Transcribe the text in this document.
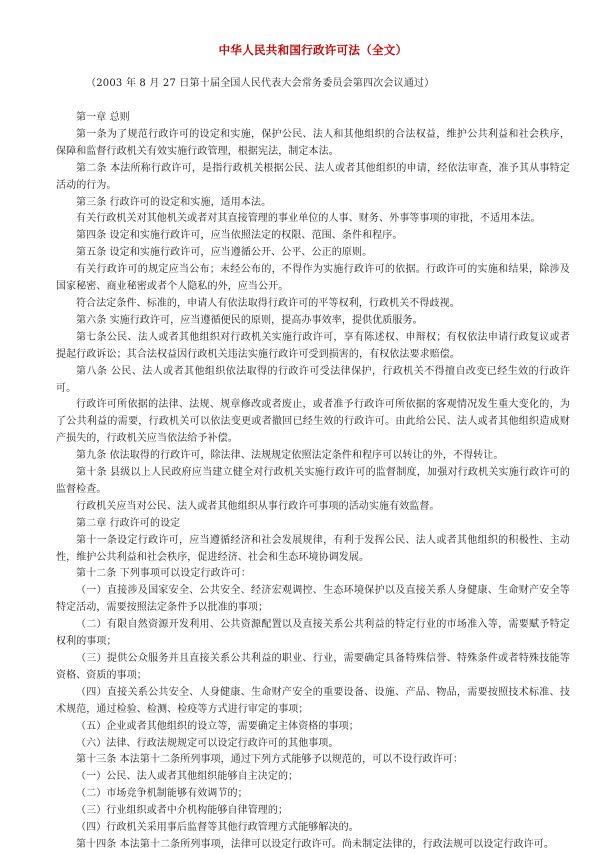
中华人民共和国行政许可法（全文）
（2003 年 8 月 27 日第十届全国人民代表大会常务委员会第四次会议通过）

第一章 总则

第一条为了规范行政许可的设定和实施，保护公民、法人和其他组织的合法权益，维护公共利益和社会秩序，保障和监督行政机关有效实施行政管理，根据宪法，制定本法。

第二条 本法所称行政许可，是指行政机关根据公民、法人或者其他组织的申请，经依法审查，准予其从事特定活动的行为。

第三条 行政许可的设定和实施，适用本法。

有关行政机关对其他机关或者对其直接管理的事业单位的人事、财务、外事等事项的审批，不适用本法。

第四条 设定和实施行政许可，应当依照法定的权限、范围、条件和程序。

第五条 设定和实施行政许可，应当遵循公开、公平、公正的原则。

有关行政许可的规定应当公布；未经公布的，不得作为实施行政许可的依据。行政许可的实施和结果，除涉及国家秘密、商业秘密或者个人隐私的外，应当公开。

符合法定条件、标准的，申请人有依法取得行政许可的平等权利，行政机关不得歧视。

第六条 实施行政许可，应当遵循便民的原则，提高办事效率，提供优质服务。

第七条公民、法人或者其他组织对行政机关实施行政许可，享有陈述权、申辩权；有权依法申请行政复议或者提起行政诉讼；其合法权益因行政机关违法实施行政许可受到损害的，有权依法要求赔偿。

第八条 公民、法人或者其他组织依法取得的行政许可受法律保护，行政机关不得擅自改变已经生效的行政许可。

行政许可所依据的法律、法规、规章修改或者废止，或者准予行政许可所依据的客观情况发生重大变化的，为了公共利益的需要，行政机关可以依法变更或者撤回已经生效的行政许可。由此给公民、法人或者其他组织造成财产损失的，行政机关应当依法给予补偿。

第九条 依法取得的行政许可，除法律、法规规定依照法定条件和程序可以转让的外，不得转让。

第十条 县级以上人民政府应当建立健全对行政机关实施行政许可的监督制度，加强对行政机关实施行政许可的监督检查。

行政机关应当对公民、法人或者其他组织从事行政许可事项的活动实施有效监督。

第二章 行政许可的设定

第十一条设定行政许可，应当遵循经济和社会发展规律，有利于发挥公民、法人或者其他组织的积极性、主动性，维护公共利益和社会秩序，促进经济、社会和生态环境协调发展。

第十二条 下列事项可以设定行政许可：

（一）直接涉及国家安全、公共安全、经济宏观调控、生态环境保护以及直接关系人身健康、生命财产安全等特定活动，需要按照法定条件予以批准的事项；

（二）有限自然资源开发利用、公共资源配置以及直接关系公共利益的特定行业的市场准入等，需要赋予特定权利的事项；

（三）提供公众服务并且直接关系公共利益的职业、行业，需要确定具备特殊信誉、特殊条件或者特殊技能等资格、资质的事项；

（四）直接关系公共安全、人身健康、生命财产安全的重要设备、设施、产品、物品，需要按照技术标准、技术规范，通过检验、检测、检疫等方式进行审定的事项；

（五）企业或者其他组织的设立等，需要确定主体资格的事项；

（六）法律、行政法规规定可以设定行政许可的其他事项。

第十三条 本法第十二条所列事项，通过下列方式能够予以规范的，可以不设行政许可：

（一）公民、法人或者其他组织能够自主决定的；

（二）市场竞争机制能够有效调节的；

（三）行业组织或者中介机构能够自律管理的；

（四）行政机关采用事后监督等其他行政管理方式能够解决的。

第十四条 本法第十二条所列事项，法律可以设定行政许可。尚未制定法律的，行政法规可以设定行政许可。
